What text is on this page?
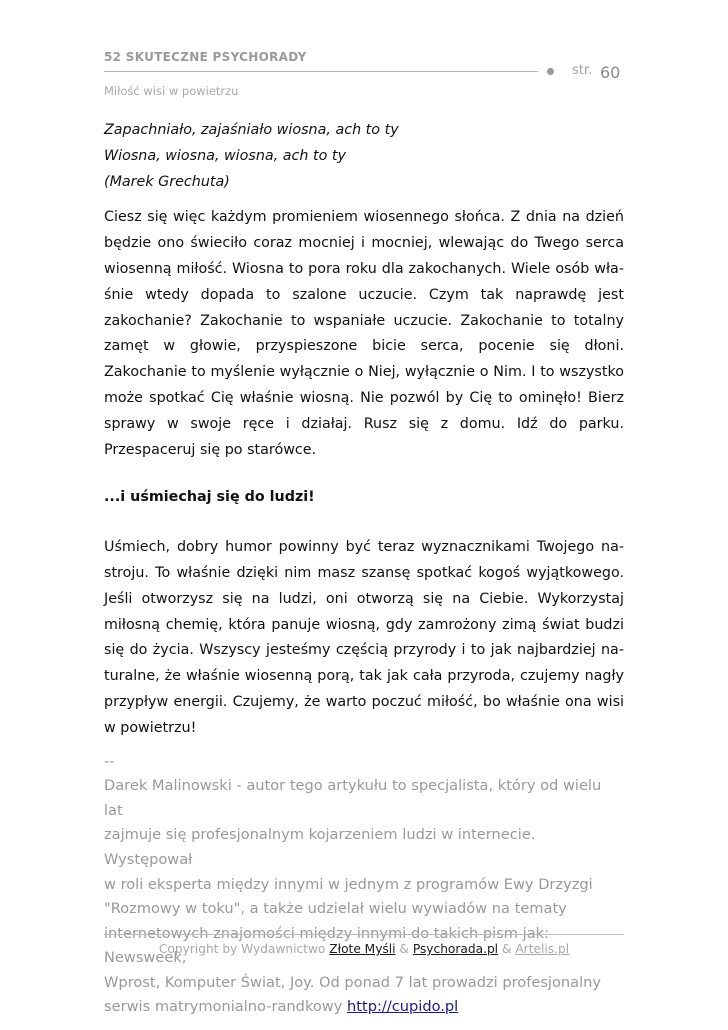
52 SKUTECZNE PSYCHORADY
str. 60
Miłość wisi w powietrzu
Zapachniało, zajaśniało wiosna, ach to ty
Wiosna, wiosna, wiosna, ach to ty
(Marek Grechuta)

Ciesz się więc każdym promieniem wiosennego słońca. Z dnia na dzień będzie ono świeciło coraz mocniej i mocniej, wlewając do Twego serca wiosenną miłość. Wiosna to pora roku dla zakochanych. Wiele osób właśnie wtedy dopada to szalone uczucie. Czym tak naprawdę jest zakochanie? Zakochanie to wspaniałe uczucie. Zakochanie to totalny zamęt w głowie, przyspieszone bicie serca, pocenie się dłoni. Zakochanie to myślenie wyłącznie o Niej, wyłącznie o Nim. I to wszystko może spotkać Cię właśnie wiosną. Nie pozwól by Cię to ominęło! Bierz sprawy w swoje ręce i działaj. Rusz się z domu. Idź do parku. Przespaceruj się po starówce.

...i uśmiechaj się do ludzi!

Uśmiech, dobry humor powinny być teraz wyznacznikami Twojego nastroju. To właśnie dzięki nim masz szansę spotkać kogoś wyjątkowego. Jeśli otworzysz się na ludzi, oni otworzą się na Ciebie. Wykorzystaj miłosną chemię, która panuje wiosną, gdy zamrożony zimą świat budzi się do życia. Wszyscy jesteśmy częścią przyrody i to jak najbardziej naturalne, że właśnie wiosenną porą, tak jak cała przyroda, czujemy nagły przypływ energii. Czujemy, że warto poczuć miłość, bo właśnie ona wisi w powietrzu!

--
Darek Malinowski - autor tego artykułu to specjalista, który od wielu lat
zajmuje się profesjonalnym kojarzeniem ludzi w internecie. Występował
w roli eksperta między innymi w jednym z programów Ewy Drzyzgi
"Rozmowy w toku", a także udzielał wielu wywiadów na tematy
internetowych znajomości między innymi do takich pism jak: Newsweek,
Wprost, Komputer Świat, Joy. Od ponad 7 lat prowadzi profesjonalny
serwis matrymonialno-randkowy http://cupido.pl
Copyright by Wydawnictwo Złote Myśli & Psychorada.pl & Artelis.pl
